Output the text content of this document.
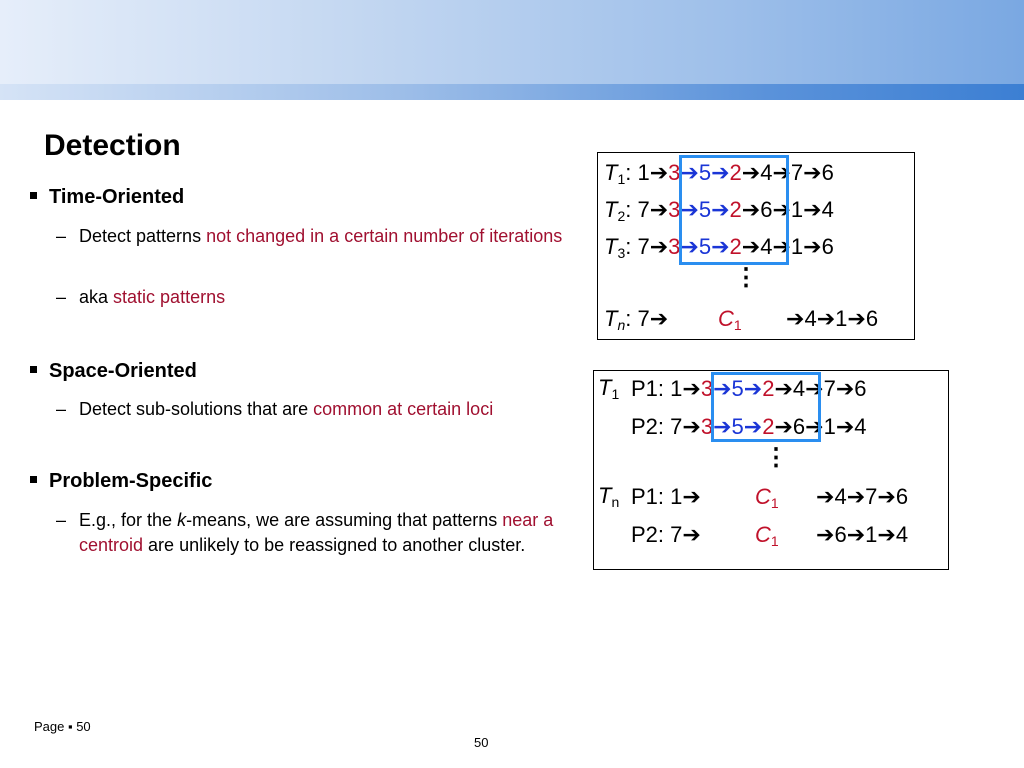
Detection
Time-Oriented
– Detect patterns not changed in a certain number of iterations
– aka static patterns
Space-Oriented
– Detect sub-solutions that are common at certain loci
Problem-Specific
– E.g., for the k-means, we are assuming that patterns near a centroid are unlikely to be reassigned to another cluster.
$T_1$: 1➔3➔5➔2➔4➔7➔6
$T_2$: 7➔3➔5➔2➔6➔1➔4
$T_3$: 7➔3➔5➔2➔4➔1➔6
⋮
$T_n$: 7➔ $C_1$ ➔4➔1➔6
$T_1$ P1: 1➔3➔5➔2➔4➔7➔6
P2: 7➔3➔5➔2➔6➔1➔4
⋮
$T_n$ P1: 1➔ $C_1$ ➔4➔7➔6
P2: 7➔ $C_1$ ➔6➔1➔4
Page ▪ 50
50
